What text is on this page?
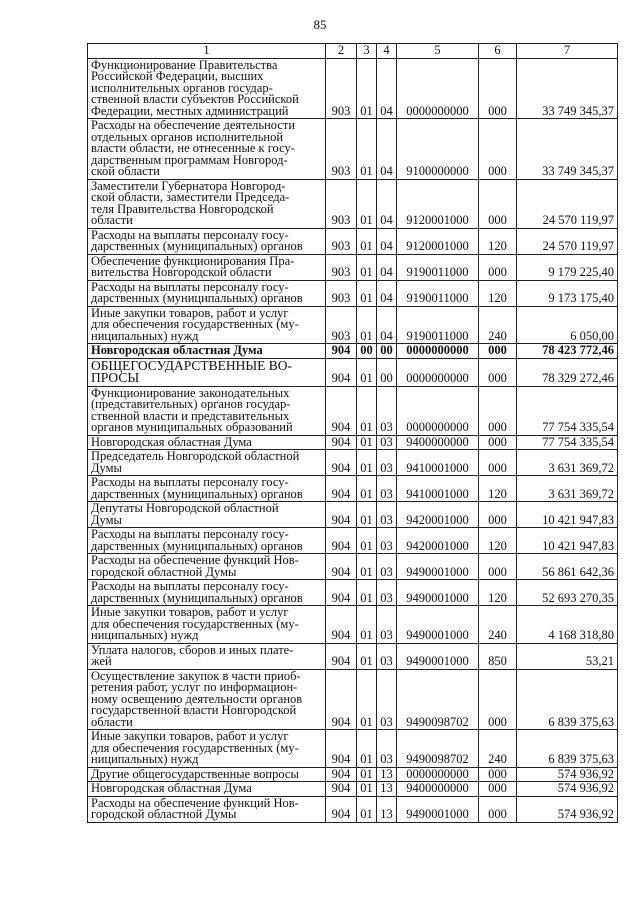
85
1	2	3	4	5	6	7

Функционирование Правительства
Российской Федерации, высших
исполнительных органов государ-
ственной власти субъектов Российской
Федерации, местных администраций	903	01	04	0000000000	000	33 749 345,37

Расходы на обеспечение деятельности
отдельных органов исполнительной
власти области, не отнесенные к госу-
дарственным программам Новгород-
ской области	903	01	04	9100000000	000	33 749 345,37

Заместители Губернатора Новгород-
ской области, заместители Председа-
теля Правительства Новгородской
области	903	01	04	9120001000	000	24 570 119,97

Расходы на выплаты персоналу госу-
дарственных (муниципальных) органов	903	01	04	9120001000	120	24 570 119,97

Обеспечение функционирования Пра-
вительства Новгородской области	903	01	04	9190011000	000	9 179 225,40

Расходы на выплаты персоналу госу-
дарственных (муниципальных) органов	903	01	04	9190011000	120	9 173 175,40

Иные закупки товаров, работ и услуг
для обеспечения государственных (му-
ниципальных) нужд	903	01	04	9190011000	240	6 050,00

Новгородская областная Дума	904	00	00	0000000000	000	78 423 772,46

ОБЩЕГОСУДАРСТВЕННЫЕ ВО-
ПРОСЫ	904	01	00	0000000000	000	78 329 272,46

Функционирование законодательных
(представительных) органов государ-
ственной власти и представительных
органов муниципальных образований	904	01	03	0000000000	000	77 754 335,54

Новгородская областная Дума	904	01	03	9400000000	000	77 754 335,54

Председатель Новгородской областной
Думы	904	01	03	9410001000	000	3 631 369,72

Расходы на выплаты персоналу госу-
дарственных (муниципальных) органов	904	01	03	9410001000	120	3 631 369,72

Депутаты Новгородской областной
Думы	904	01	03	9420001000	000	10 421 947,83

Расходы на выплаты персоналу госу-
дарственных (муниципальных) органов	904	01	03	9420001000	120	10 421 947,83

Расходы на обеспечение функций Нов-
городской областной Думы	904	01	03	9490001000	000	56 861 642,36

Расходы на выплаты персоналу госу-
дарственных (муниципальных) органов	904	01	03	9490001000	120	52 693 270,35

Иные закупки товаров, работ и услуг
для обеспечения государственных (му-
ниципальных) нужд	904	01	03	9490001000	240	4 168 318,80

Уплата налогов, сборов и иных плате-
жей	904	01	03	9490001000	850	53,21

Осуществление закупок в части приоб-
ретения работ, услуг по информацион-
ному освещению деятельности органов
государственной власти Новгородской
области	904	01	03	9490098702	000	6 839 375,63

Иные закупки товаров, работ и услуг
для обеспечения государственных (му-
ниципальных) нужд	904	01	03	9490098702	240	6 839 375,63

Другие общегосударственные вопросы	904	01	13	0000000000	000	574 936,92

Новгородская областная Дума	904	01	13	9400000000	000	574 936,92

Расходы на обеспечение функций Нов-
городской областной Думы	904	01	13	9490001000	000	574 936,92
